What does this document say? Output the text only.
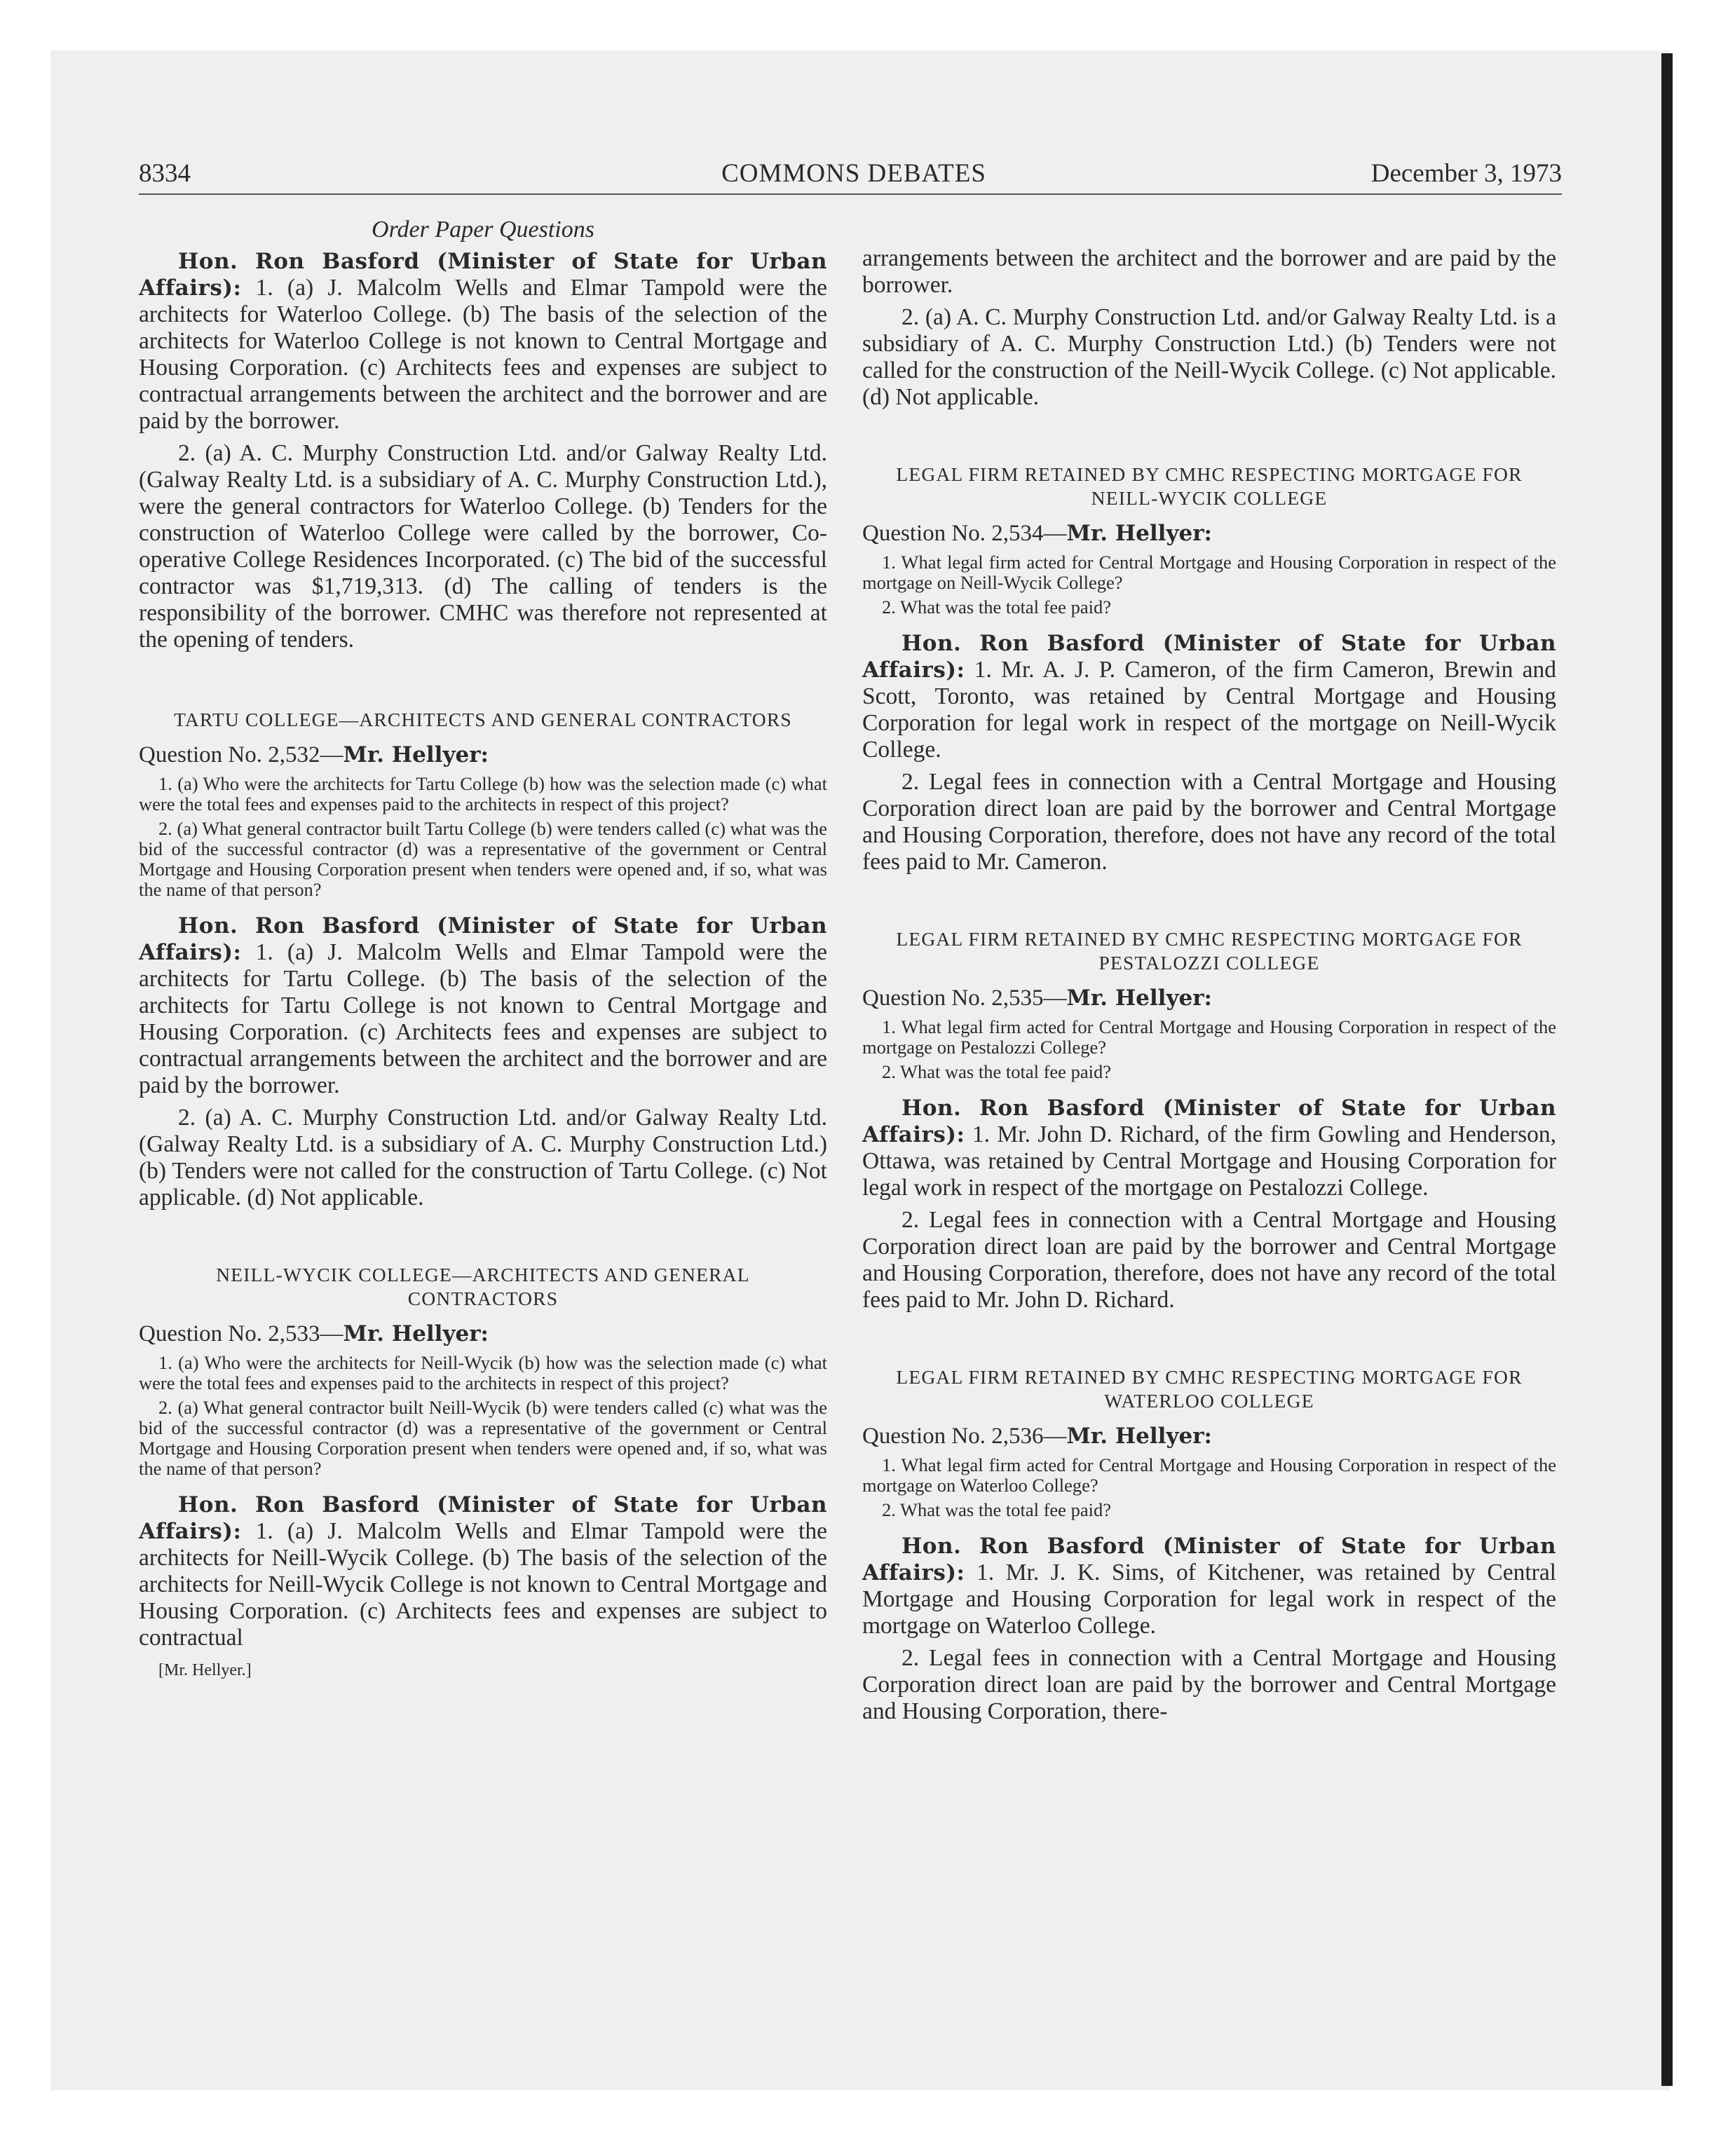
8334	COMMONS DEBATES	December 3, 1973
Order Paper Questions

Hon. Ron Basford (Minister of State for Urban Affairs): 1. (a) J. Malcolm Wells and Elmar Tampold were the architects for Waterloo College. (b) The basis of the selection of the architects for Waterloo College is not known to Central Mortgage and Housing Corporation. (c) Architects fees and expenses are subject to contractual arrangements between the architect and the borrower and are paid by the borrower.

2. (a) A. C. Murphy Construction Ltd. and/or Galway Realty Ltd. (Galway Realty Ltd. is a subsidiary of A. C. Murphy Construction Ltd.), were the general contractors for Waterloo College. (b) Tenders for the construction of Waterloo College were called by the borrower, Co-operative College Residences Incorporated. (c) The bid of the successful contractor was $1,719,313. (d) The calling of tenders is the responsibility of the borrower. CMHC was therefore not represented at the opening of tenders.

TARTU COLLEGE—ARCHITECTS AND GENERAL CONTRACTORS
Question No. 2,532—Mr. Hellyer:

1. (a) Who were the architects for Tartu College (b) how was the selection made (c) what were the total fees and expenses paid to the architects in respect of this project?

2. (a) What general contractor built Tartu College (b) were tenders called (c) what was the bid of the successful contractor (d) was a representative of the government or Central Mortgage and Housing Corporation present when tenders were opened and, if so, what was the name of that person?

Hon. Ron Basford (Minister of State for Urban Affairs): 1. (a) J. Malcolm Wells and Elmar Tampold were the architects for Tartu College. (b) The basis of the selection of the architects for Tartu College is not known to Central Mortgage and Housing Corporation. (c) Architects fees and expenses are subject to contractual arrangements between the architect and the borrower and are paid by the borrower.

2. (a) A. C. Murphy Construction Ltd. and/or Galway Realty Ltd. (Galway Realty Ltd. is a subsidiary of A. C. Murphy Construction Ltd.)(b) Tenders were not called for the construction of Tartu College. (c) Not applicable. (d) Not applicable.

NEILL-WYCIK COLLEGE—ARCHITECTS AND GENERAL CONTRACTORS
Question No. 2,533—Mr. Hellyer:

1. (a) Who were the architects for Neill-Wycik (b) how was the selection made (c) what were the total fees and expenses paid to the architects in respect of this project?

2. (a) What general contractor built Neill-Wycik (b) were tenders called (c) what was the bid of the successful contractor (d) was a representative of the government or Central Mortgage and Housing Corporation present when tenders were opened and, if so, what was the name of that person?

Hon. Ron Basford (Minister of State for Urban Affairs): 1. (a) J. Malcolm Wells and Elmar Tampold were the architects for Neill-Wycik College. (b) The basis of the selection of the architects for Neill-Wycik College is not known to Central Mortgage and Housing Corporation. (c) Architects fees and expenses are subject to contractual

[Mr. Hellyer.]

arrangements between the architect and the borrower and are paid by the borrower.

2. (a) A. C. Murphy Construction Ltd. and/or Galway Realty Ltd. is a subsidiary of A. C. Murphy Construction Ltd.) (b) Tenders were not called for the construction of the Neill-Wycik College. (c) Not applicable. (d) Not applicable.

LEGAL FIRM RETAINED BY CMHC RESPECTING MORTGAGE FOR NEILL-WYCIK COLLEGE
Question No. 2,534—Mr. Hellyer:

1. What legal firm acted for Central Mortgage and Housing Corporation in respect of the mortgage on Neill-Wycik College?

2. What was the total fee paid?

Hon. Ron Basford (Minister of State for Urban Affairs): 1. Mr. A. J. P. Cameron, of the firm Cameron, Brewin and Scott, Toronto, was retained by Central Mortgage and Housing Corporation for legal work in respect of the mortgage on Neill-Wycik College.

2. Legal fees in connection with a Central Mortgage and Housing Corporation direct loan are paid by the borrower and Central Mortgage and Housing Corporation, therefore, does not have any record of the total fees paid to Mr. Cameron.

LEGAL FIRM RETAINED BY CMHC RESPECTING MORTGAGE FOR PESTALOZZI COLLEGE
Question No. 2,535—Mr. Hellyer:

1. What legal firm acted for Central Mortgage and Housing Corporation in respect of the mortgage on Pestalozzi College?

2. What was the total fee paid?

Hon. Ron Basford (Minister of State for Urban Affairs): 1. Mr. John D. Richard, of the firm Gowling and Henderson, Ottawa, was retained by Central Mortgage and Housing Corporation for legal work in respect of the mortgage on Pestalozzi College.

2. Legal fees in connection with a Central Mortgage and Housing Corporation direct loan are paid by the borrower and Central Mortgage and Housing Corporation, therefore, does not have any record of the total fees paid to Mr. John D. Richard.

LEGAL FIRM RETAINED BY CMHC RESPECTING MORTGAGE FOR WATERLOO COLLEGE
Question No. 2,536—Mr. Hellyer:

1. What legal firm acted for Central Mortgage and Housing Corporation in respect of the mortgage on Waterloo College?

2. What was the total fee paid?

Hon. Ron Basford (Minister of State for Urban Affairs): 1. Mr. J. K. Sims, of Kitchener, was retained by Central Mortgage and Housing Corporation for legal work in respect of the mortgage on Waterloo College.

2. Legal fees in connection with a Central Mortgage and Housing Corporation direct loan are paid by the borrower and Central Mortgage and Housing Corporation, there-
